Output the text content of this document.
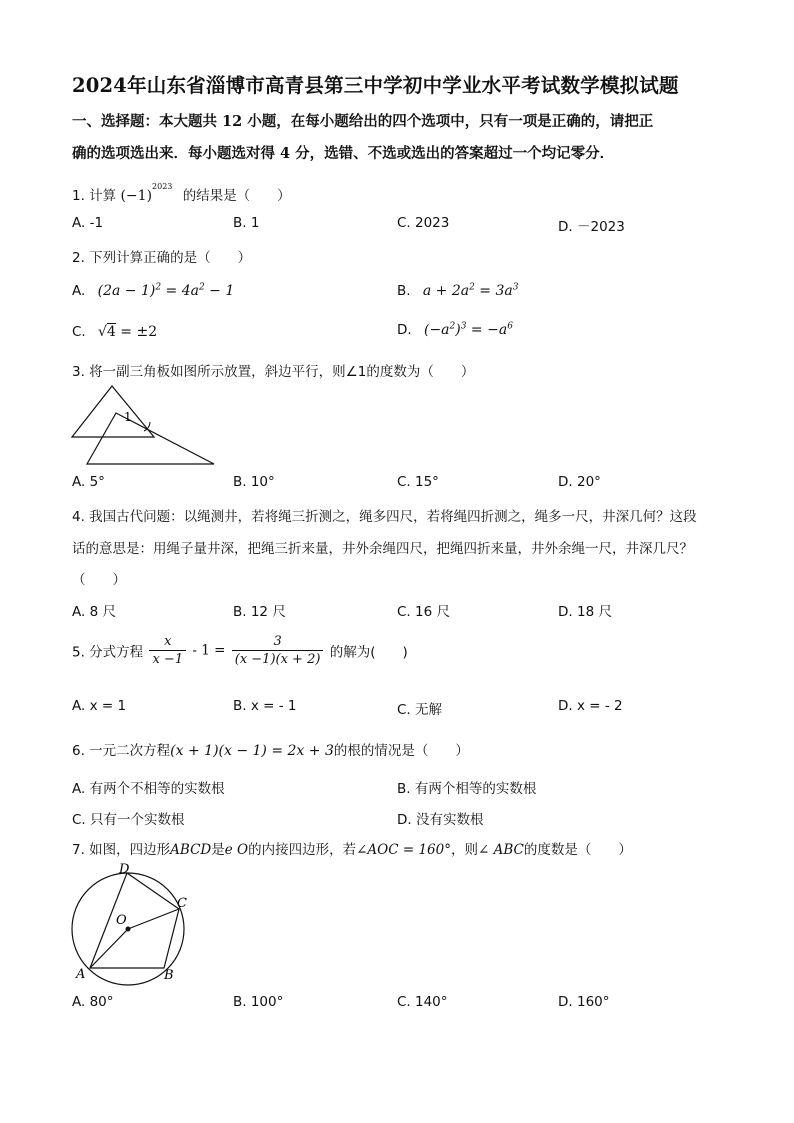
2024年山东省淄博市高青县第三中学初中学业水平考试数学模拟试题
一、选择题：本大题共 12 小题，在每小题给出的四个选项中，只有一项是正确的，请把正
确的选项选出来．每小题选对得 4 分，选错、不选或选出的答案超过一个均记零分．
1. 计算 $(-1)^{2023}$ 的结果是（　　）
A. -1	B. 1	C. 2023	D. －2023
2. 下列计算正确的是（　　）
A. $(2a - 1)^2 = 4a^2 - 1$	B. $a + 2a^2 = 3a^3$
C. √4 = ±2	D. $(-a^2)^3 = -a^6$
3. 将一副三角板如图所示放置，斜边平行，则∠1的度数为（　　）
1
A. 5°	B. 10°	C. 15°	D. 20°
4. 我国古代问题：以绳测井，若将绳三折测之，绳多四尺，若将绳四折测之，绳多一尺，井深几何？这段
话的意思是：用绳子量井深，把绳三折来量，井外余绳四尺，把绳四折来量，井外余绳一尺，井深几尺？
（　　）
A. 8 尺	B. 12 尺	C. 16 尺	D. 18 尺
5. 分式方程 $\frac{x}{x -1} - 1 = \frac{3}{(x -1)(x + 2)}$ 的解为(　　)
A. x = 1	B. x = - 1	C. 无解	D. x = - 2
6. 一元二次方程(x + 1)(x − 1) = 2x + 3的根的情况是（　　）
A. 有两个不相等的实数根	B. 有两个相等的实数根
C. 只有一个实数根	D. 没有实数根
7. 如图，四边形ABCD是e O的内接四边形，若∠AOC = 160°，则∠ ABC的度数是（　　）
D
C
O
A	B
A. 80°	B. 100°	C. 140°	D. 160°
